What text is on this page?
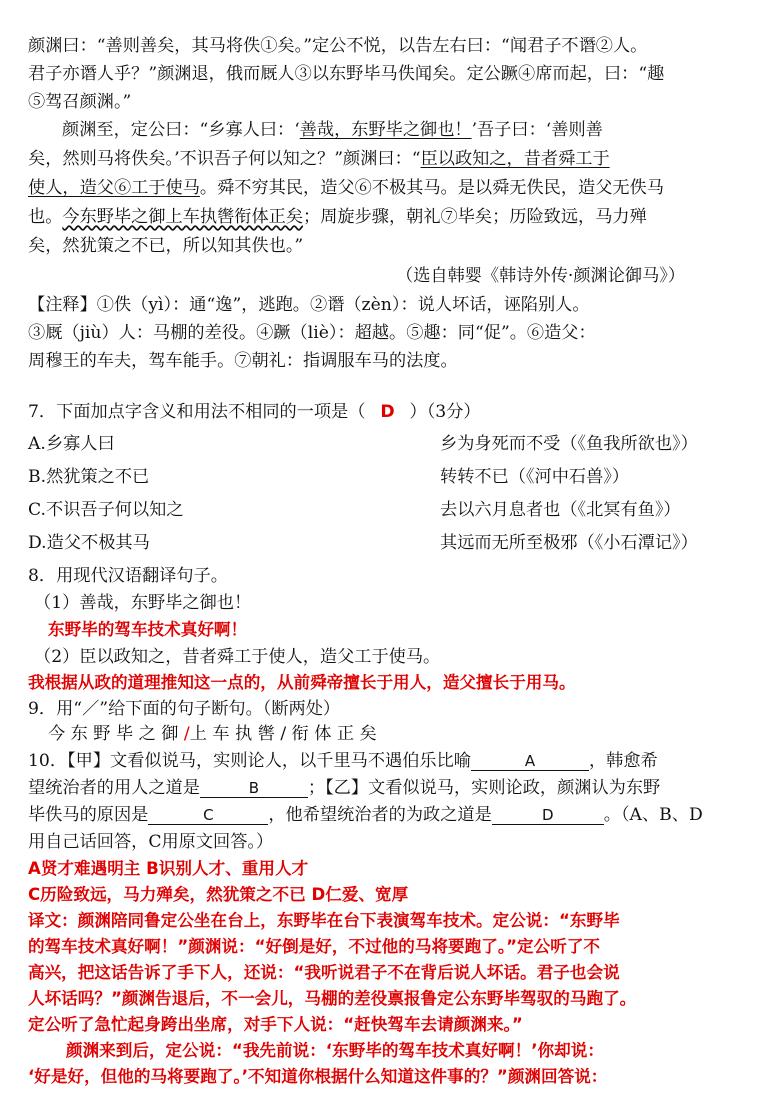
颜渊曰：“善则善矣，其马将佚①矣。”定公不悦，以告左右曰：“闻君子不谮②人。
君子亦谮人乎？”颜渊退，俄而厩人③以东野毕马佚闻矣。定公蹶④席而起，曰：“趣
⑤驾召颜渊。”
颜渊至，定公曰：“乡寡人曰：‘善哉，东野毕之御也！’吾子曰：‘善则善
矣，然则马将佚矣。’不识吾子何以知之？”颜渊曰：“臣以政知之，昔者舜工于
使人，造父⑥工于使马。舜不穷其民，造父⑥不极其马。是以舜无佚民，造父无佚马
也。今东野毕之御上车执辔衔体正矣；周旋步骤，朝礼⑦毕矣；历险致远，马力殚
矣，然犹策之不已，所以知其佚也。”
（选自韩婴《韩诗外传·颜渊论御马》）
【注释】①佚（yì）：通“逸”，逃跑。②谮（zèn）：说人坏话，诬陷别人。
③厩（jiù）人：马棚的差役。④蹶（liè）：超越。⑤趣：同“促”。⑥造父：
周穆王的车夫，驾车能手。⑦朝礼：指调服车马的法度。
7．下面加点字含义和用法不相同的一项是（ D ）（3分）
A.乡寡人曰	乡为身死而不受（《鱼我所欲也》）
B.然犹策之不已	转转不已（《河中石兽》）
C.不识吾子何以知之	去以六月息者也（《北冥有鱼》）
D.造父不极其马	其远而无所至极邪（《小石潭记》）
8．用现代汉语翻译句子。
（1）善哉，东野毕之御也！
东野毕的驾车技术真好啊！
（2）臣以政知之，昔者舜工于使人，造父工于使马。
我根据从政的道理推知这一点的，从前舜帝擅长于用人，造父擅长于用马。
9．用“／”给下面的句子断句。（断两处）
今 东 野 毕 之 御 /上 车 执 辔 / 衔 体 正 矣
10．【甲】文看似说马，实则论人，以千里马不遇伯乐比喻	A	，韩愈希
望统治者的用人之道是	B	；【乙】文看似说马，实则论政，颜渊认为东野
毕佚马的原因是	C	，他希望统治者的为政之道是	D	。（A、B、D
用自己话回答，C用原文回答。）
A贤才难遇明主 B识别人才、重用人才
C历险致远，马力殚矣，然犹策之不已 D仁爱、宽厚
译文：颜渊陪同鲁定公坐在台上，东野毕在台下表演驾车技术。定公说：“东野毕
的驾车技术真好啊！”颜渊说：“好倒是好，不过他的马将要跑了。”定公听了不
高兴，把这话告诉了手下人，还说：“我听说君子不在背后说人坏话。君子也会说
人坏话吗？”颜渊告退后，不一会儿，马棚的差役禀报鲁定公东野毕驾驭的马跑了。
定公听了急忙起身跨出坐席，对手下人说：“赶快驾车去请颜渊来。”
颜渊来到后，定公说：“我先前说：‘东野毕的驾车技术真好啊！’你却说：
‘好是好，但他的马将要跑了。’不知道你根据什么知道这件事的？”颜渊回答说：
